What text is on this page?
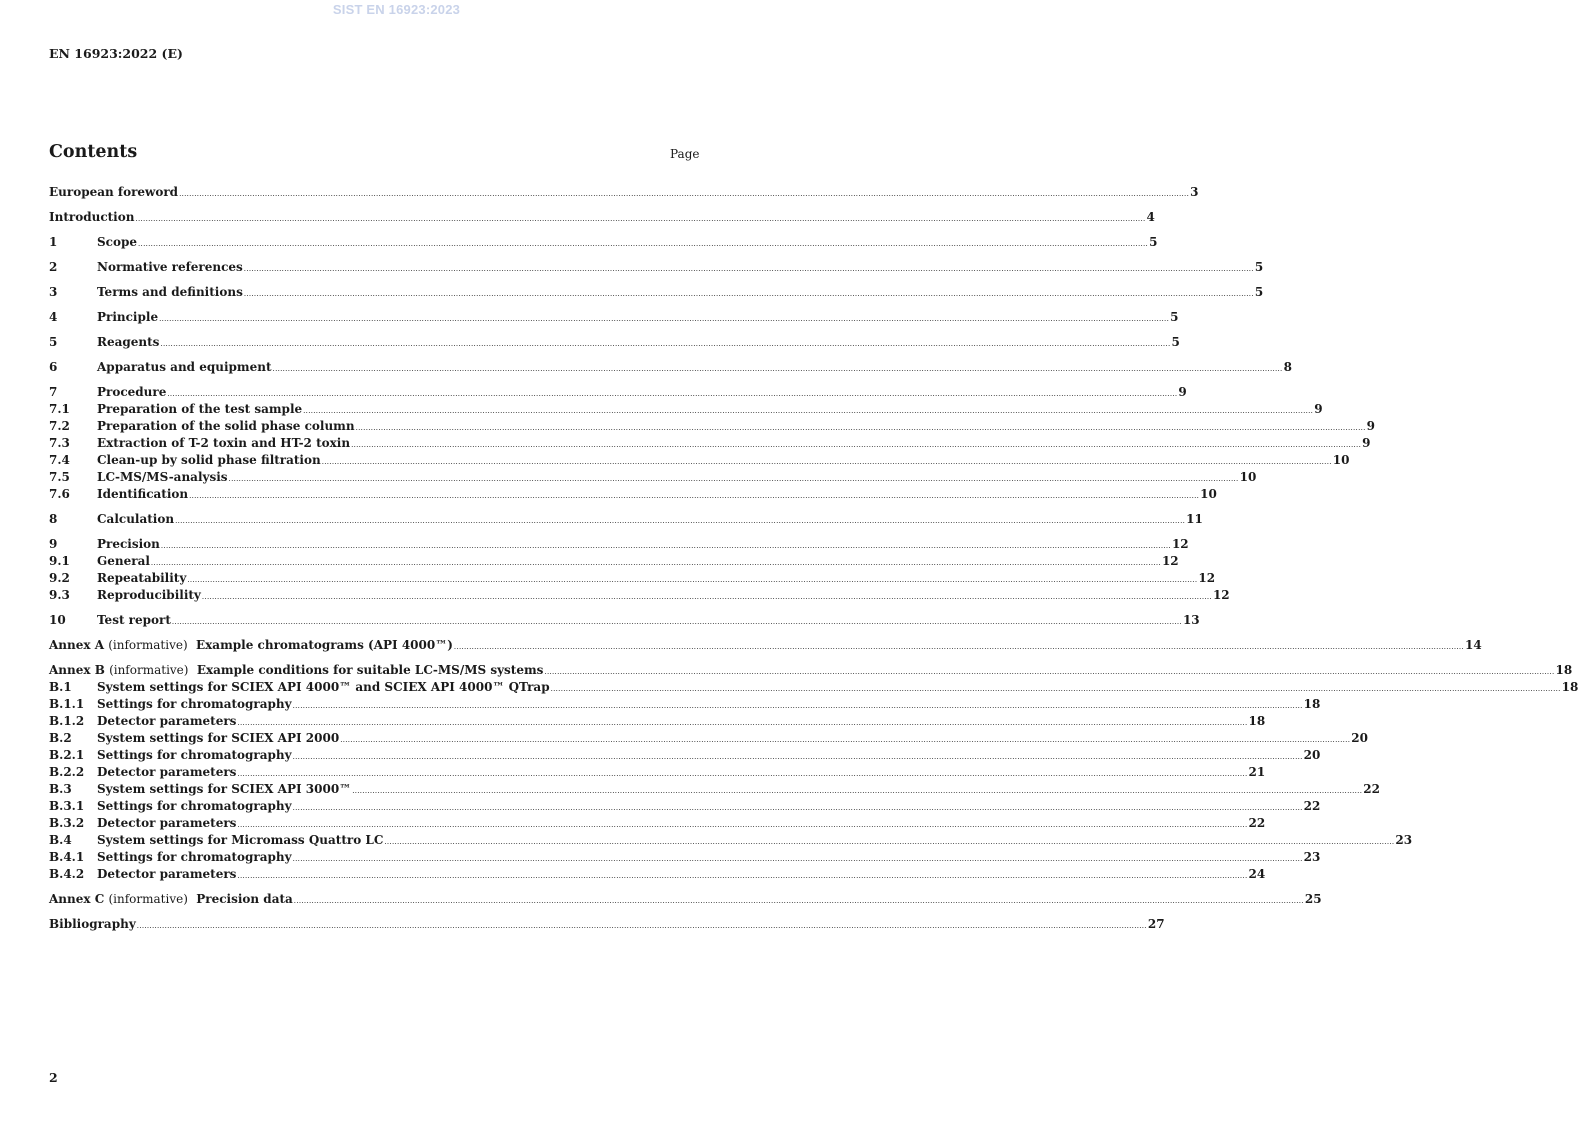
SIST EN 16923:2023
EN 16923:2022 (E)
Contents	Page
European foreword ................................................................................................................................................................................................................................................................................................................................................................................................................ 3
Introduction ................................................................................................................................................................................................................................................................................................................................................................................................................ 4
1	Scope ................................................................................................................................................................................................................................................................................................................................................................................................................ 5
2	Normative references ................................................................................................................................................................................................................................................................................................................................................................................................................ 5
3	Terms and definitions ................................................................................................................................................................................................................................................................................................................................................................................................................ 5
4	Principle ................................................................................................................................................................................................................................................................................................................................................................................................................ 5
5	Reagents ................................................................................................................................................................................................................................................................................................................................................................................................................ 5
6	Apparatus and equipment ................................................................................................................................................................................................................................................................................................................................................................................................................ 8
7	Procedure ................................................................................................................................................................................................................................................................................................................................................................................................................ 9
7.1	Preparation of the test sample ................................................................................................................................................................................................................................................................................................................................................................................................................ 9
7.2	Preparation of the solid phase column ................................................................................................................................................................................................................................................................................................................................................................................................................ 9
7.3	Extraction of T-2 toxin and HT-2 toxin ................................................................................................................................................................................................................................................................................................................................................................................................................ 9
7.4	Clean-up by solid phase filtration ................................................................................................................................................................................................................................................................................................................................................................................................................ 10
7.5	LC-MS/MS-analysis ................................................................................................................................................................................................................................................................................................................................................................................................................ 10
7.6	Identification ................................................................................................................................................................................................................................................................................................................................................................................................................ 10
8	Calculation ................................................................................................................................................................................................................................................................................................................................................................................................................ 11
9	Precision ................................................................................................................................................................................................................................................................................................................................................................................................................ 12
9.1	General ................................................................................................................................................................................................................................................................................................................................................................................................................ 12
9.2	Repeatability ................................................................................................................................................................................................................................................................................................................................................................................................................ 12
9.3	Reproducibility ................................................................................................................................................................................................................................................................................................................................................................................................................ 12
10	Test report ................................................................................................................................................................................................................................................................................................................................................................................................................ 13
Annex A (informative) Example chromatograms (API 4000™) ................................................................................................................................................................................................................................................................................................................................................................................................................ 14
Annex B (informative) Example conditions for suitable LC-MS/MS systems ................................................................................................................................................................................................................................................................................................................................................................................................................ 18
B.1	System settings for SCIEX API 4000™ and SCIEX API 4000™ QTrap ................................................................................................................................................................................................................................................................................................................................................................................................................ 18
B.1.1	Settings for chromatography ................................................................................................................................................................................................................................................................................................................................................................................................................ 18
B.1.2	Detector parameters ................................................................................................................................................................................................................................................................................................................................................................................................................ 18
B.2	System settings for SCIEX API 2000 ................................................................................................................................................................................................................................................................................................................................................................................................................ 20
B.2.1	Settings for chromatography ................................................................................................................................................................................................................................................................................................................................................................................................................ 20
B.2.2	Detector parameters ................................................................................................................................................................................................................................................................................................................................................................................................................ 21
B.3	System settings for SCIEX API 3000™ ................................................................................................................................................................................................................................................................................................................................................................................................................ 22
B.3.1	Settings for chromatography ................................................................................................................................................................................................................................................................................................................................................................................................................ 22
B.3.2	Detector parameters ................................................................................................................................................................................................................................................................................................................................................................................................................ 22
B.4	System settings for Micromass Quattro LC ................................................................................................................................................................................................................................................................................................................................................................................................................ 23
B.4.1	Settings for chromatography ................................................................................................................................................................................................................................................................................................................................................................................................................ 23
B.4.2	Detector parameters ................................................................................................................................................................................................................................................................................................................................................................................................................ 24
Annex C (informative) Precision data ................................................................................................................................................................................................................................................................................................................................................................................................................ 25
Bibliography ................................................................................................................................................................................................................................................................................................................................................................................................................ 27
2
